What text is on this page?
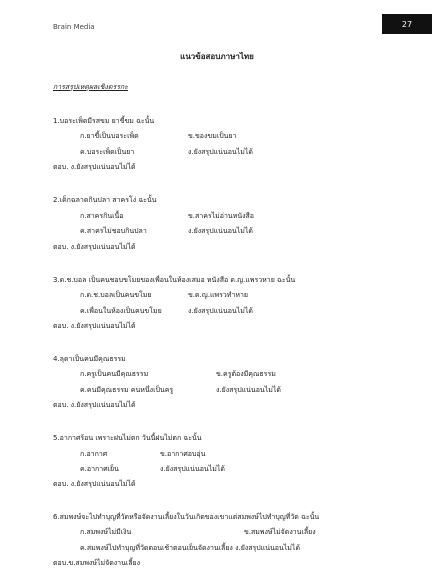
Brain Media	27
แนวข้อสอบภาษาไทย
การสรุปเหตุผลเชิงตรรกะ
1.บอระเพ็ดมีรสขม ยาขี้ขม ฉะนั้น
ก.ยาขี้เป็นบอระเพ็ด	ข.ของขมเป็นยา
ค.บอระเพ็ดเป็นยา	ง.ยังสรุปแน่นอนไม่ได้
ตอบ. ง.ยังสรุปแน่นอนไม่ได้
2.เด็กฉลาดกินปลา สาครโง่ ฉะนั้น
ก.สาครกินเนื้อ	ข.สาครไม่อ่านหนังสือ
ค.สาครไม่ชอบกินปลา	ง.ยังสรุปแน่นอนไม่ได้
ตอบ. ง.ยังสรุปแน่นอนไม่ได้
3.ด.ช.บอล เป็นคนชอบขโมยของเพื่อนในห้องเสมอ หนังสือ ด.ญ.แพรวหาย ฉะนั้น
ก.ด.ช.บอลเป็นคนขโมย	ข.ด.ญ.แพรวทำหาย
ค.เพื่อนในห้องเป็นคนขโมย	ง.ยังสรุปแน่นอนไม่ได้
ตอบ. ง.ยังสรุปแน่นอนไม่ได้
4.ลุดาเป็นคนมีคุณธรรม
ก.ครูเป็นคนมีคุณธรรม	ข.ครูต้องมีคุณธรรม
ค.คนมีคุณธรรม คนหนึ่งเป็นครู	ง.ยังสรุปแน่นอนไม่ได้
ตอบ. ง.ยังสรุปแน่นอนไม่ได้
5.อากาศร้อน เพราะฝนไม่ตก วันนี้ฝนไม่ตก ฉะนั้น
ก.อากาศ	ข.อากาศอบอุ่น
ค.อากาศเย็น	ง.ยังสรุปแน่นอนไม่ได้
ตอบ. ง.ยังสรุปแน่นอนไม่ได้
6.สมพงษ์จะไปทำบุญที่วัดหรือจัดงานเลี้ยงในวันเกิดของเขาแต่สมพงษ์ไปทำบุญที่วัด ฉะนั้น
ก.สมพงษ์ไม่มีเงิน	ข.สมพงษ์ไม่จัดงานเลี้ยง
ค.สมพงษ์ไปทำบุญที่วัดตอนเช้าตอนเย็นจัดงานเลี้ยง ง.ยังสรุปแน่นอนไม่ได้
ตอบ.ข.สมพงษ์ไม่จัดงานเลี้ยง
